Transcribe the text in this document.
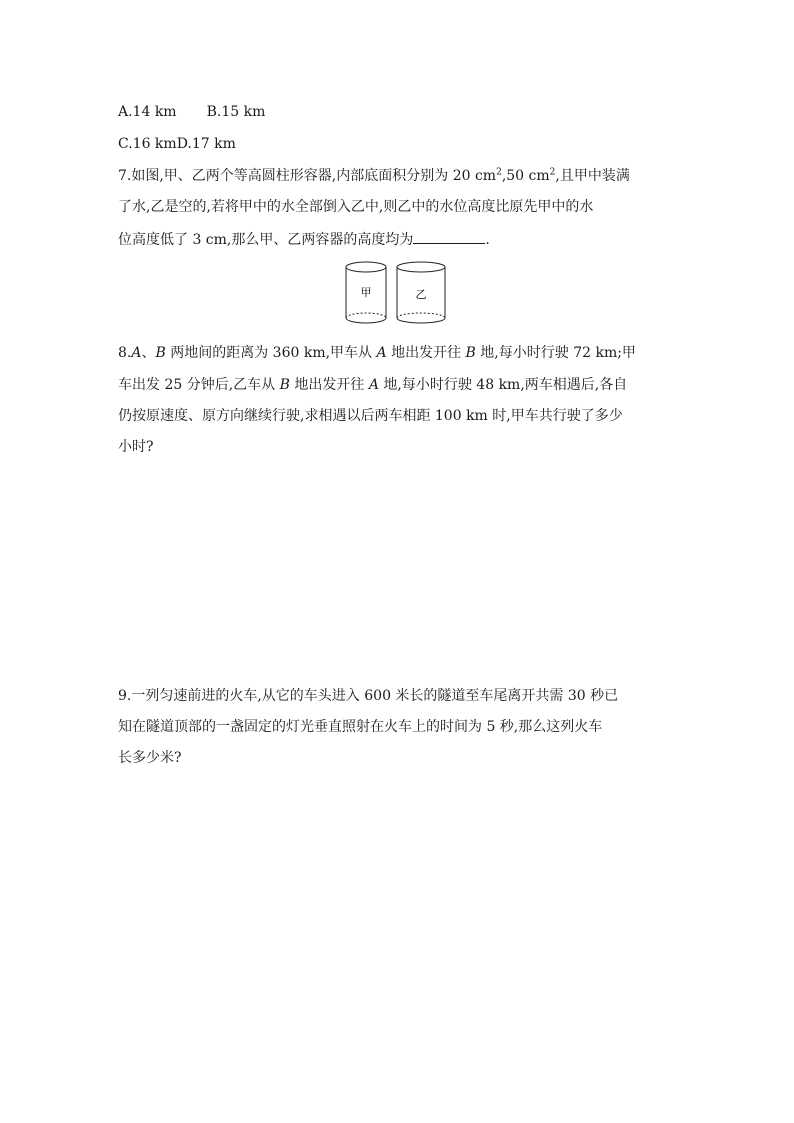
A.14 km B.15 km
C.16 kmD.17 km
7.如图,甲、乙两个等高圆柱形容器,内部底面积分别为 20 $cm^2,50$ $cm^2$,且甲中装满
了水,乙是空的,若将甲中的水全部倒入乙中,则乙中的水位高度比原先甲中的水
位高度低了 3 cm,那么甲、乙两容器的高度均为	.
甲	乙
8.A、B 两地间的距离为 360 km,甲车从 A 地出发开往 B 地,每小时行驶 72 km;甲
车出发 25 分钟后,乙车从 B 地出发开往 A 地,每小时行驶 48 km,两车相遇后,各自
仍按原速度、原方向继续行驶,求相遇以后两车相距 100 km 时,甲车共行驶了多少
小时?
9.一列匀速前进的火车,从它的车头进入 600 米长的隧道至车尾离开共需 30 秒已
知在隧道顶部的一盏固定的灯光垂直照射在火车上的时间为 5 秒,那么这列火车
长多少米?
